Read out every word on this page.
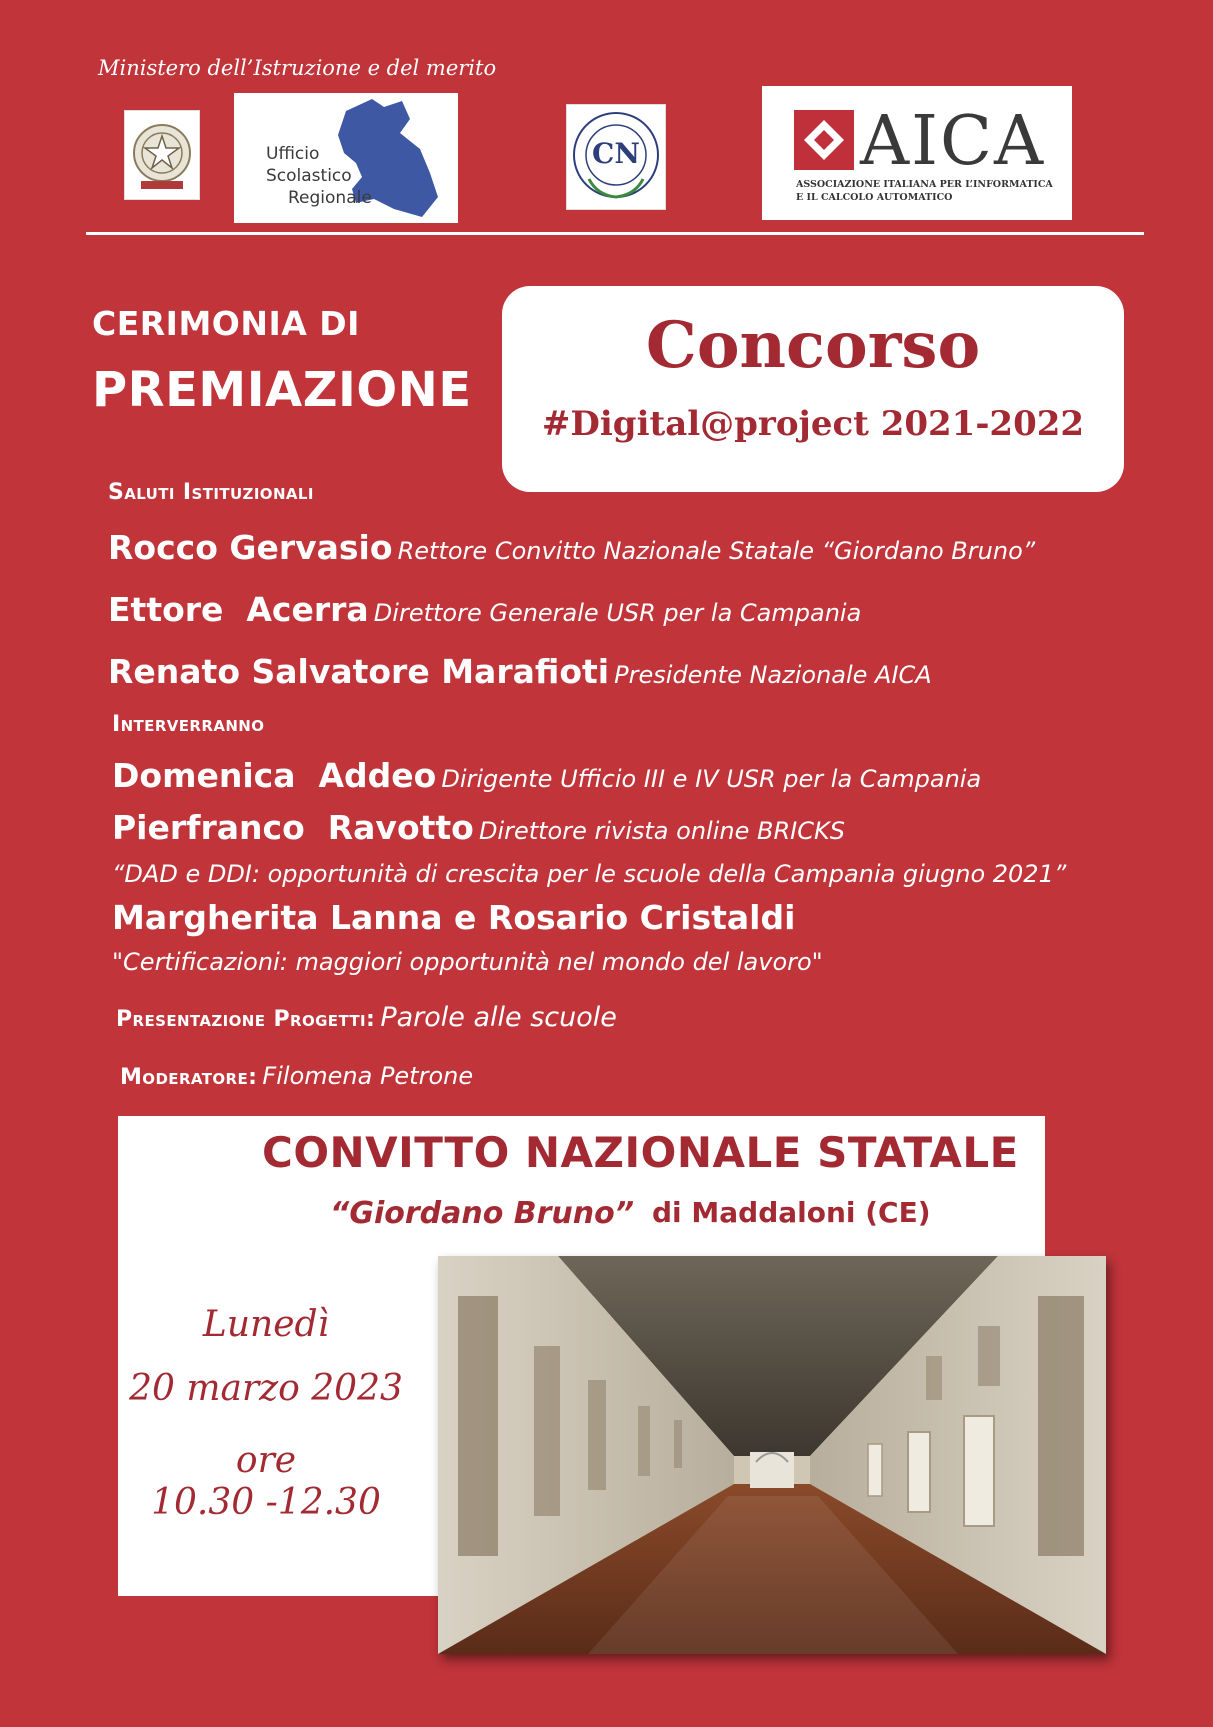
Ministero dell’Istruzione e del merito
Ufficio
Scolastico
Regionale
CN	AICA
ASSOCIAZIONE ITALIANA PER L’INFORMATICA
E IL CALCOLO AUTOMATICO
CERIMONIA DI
PREMIAZIONE
Concorso
#Digital@project 2021-2022
Saluti Istituzionali
Rocco Gervasio Rettore Convitto Nazionale Statale “Giordano Bruno”
Ettore  Acerra Direttore Generale USR per la Campania
Renato Salvatore Marafioti Presidente Nazionale AICA
Interverranno
Domenica  Addeo Dirigente Ufficio III e IV USR per la Campania
Pierfranco  Ravotto Direttore rivista online BRICKS
“DAD e DDI: opportunità di crescita per le scuole della Campania giugno 2021”
Margherita Lanna e Rosario Cristaldi
"Certificazioni: maggiori opportunità nel mondo del lavoro"
Presentazione Progetti: Parole alle scuole
Moderatore: Filomena Petrone
CONVITTO NAZIONALE STATALE
“Giordano Bruno” di Maddaloni (CE)
Lunedì
20 marzo 2023
ore
10.30 -12.30
